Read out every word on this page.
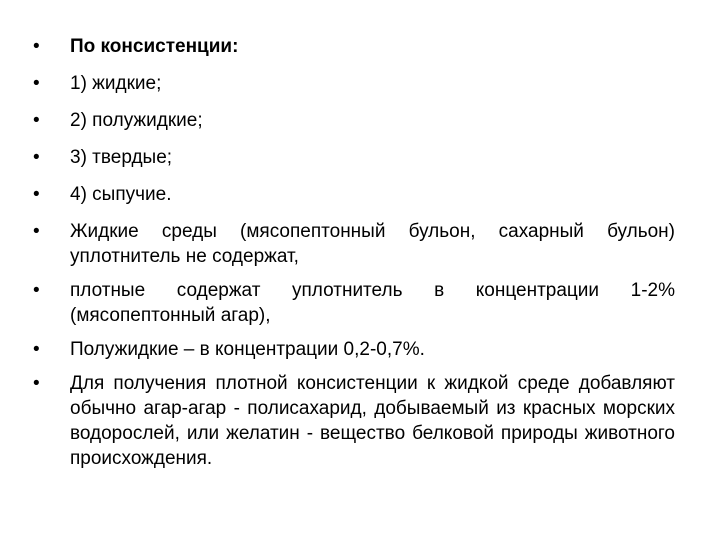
•	По консистенции:
•	1) жидкие;
•	2) полужидкие;
•	3) твердые;
•	4) сыпучие.
•	Жидкие среды (мясопептонный бульон, сахарный бульон) уплотнитель не содержат,
•	плотные содержат уплотнитель в концентрации 1-2% (мясопептонный агар),
•	Полужидкие – в концентрации 0,2-0,7%.
•	Для получения плотной консистенции к жидкой среде добавляют обычно агар-агар - полисахарид, добываемый из красных морских водорослей, или желатин - вещество белковой природы животного происхождения.
